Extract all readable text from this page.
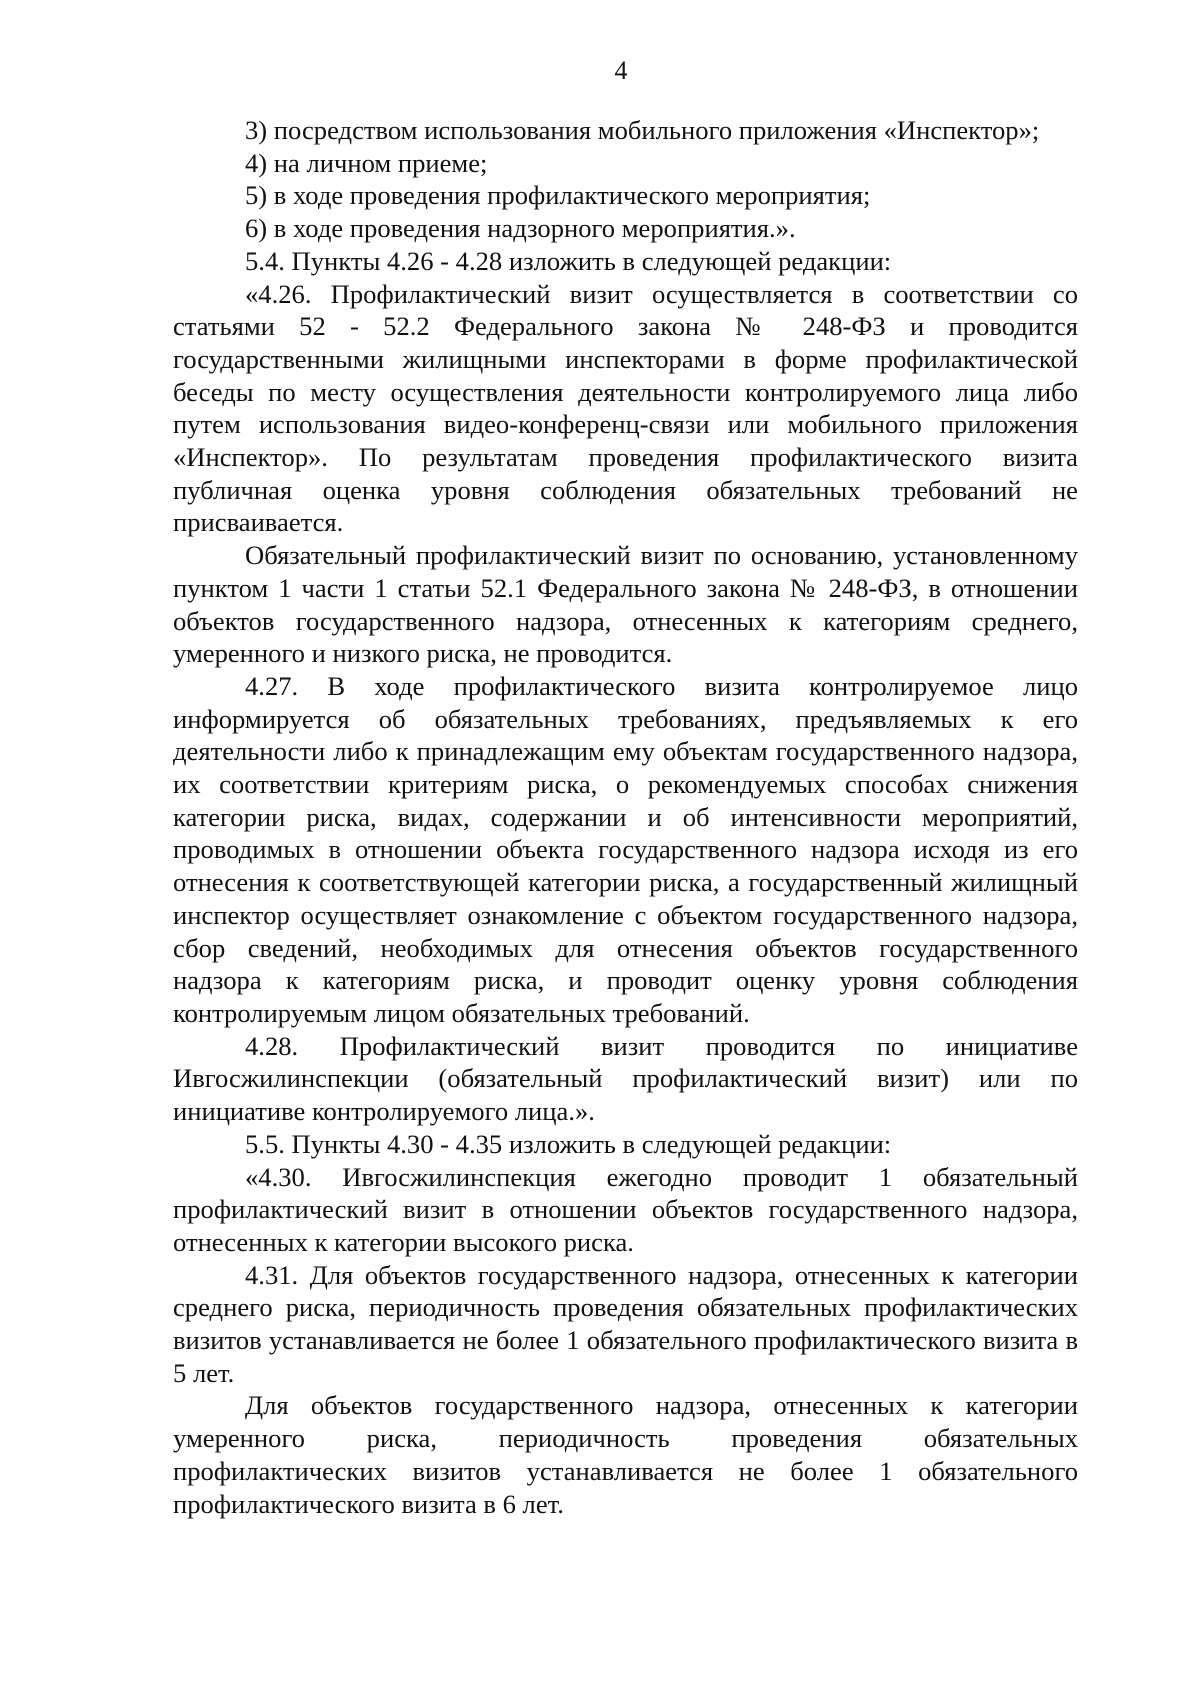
4

3) посредством использования мобильного приложения «Инспектор»;

4) на личном приеме;

5) в ходе проведения профилактического мероприятия;

6) в ходе проведения надзорного мероприятия.».

5.4. Пункты 4.26 - 4.28 изложить в следующей редакции:

«4.26. Профилактический визит осуществляется в соответствии со статьями 52 - 52.2 Федерального закона № 248-ФЗ и проводится государственными жилищными инспекторами в форме профилактической беседы по месту осуществления деятельности контролируемого лица либо путем использования видео-конференц-связи или мобильного приложения «Инспектор». По результатам проведения профилактического визита публичная оценка уровня соблюдения обязательных требований не присваивается.

Обязательный профилактический визит по основанию, установленному пунктом 1 части 1 статьи 52.1 Федерального закона № 248-ФЗ, в отношении объектов государственного надзора, отнесенных к категориям среднего, умеренного и низкого риска, не проводится.

4.27. В ходе профилактического визита контролируемое лицо информируется об обязательных требованиях, предъявляемых к его деятельности либо к принадлежащим ему объектам государственного надзора, их соответствии критериям риска, о рекомендуемых способах снижения категории риска, видах, содержании и об интенсивности мероприятий, проводимых в отношении объекта государственного надзора исходя из его отнесения к соответствующей категории риска, а государственный жилищный инспектор осуществляет ознакомление с объектом государственного надзора, сбор сведений, необходимых для отнесения объектов государственного надзора к категориям риска, и проводит оценку уровня соблюдения контролируемым лицом обязательных требований.

4.28. Профилактический визит проводится по инициативе Ивгосжилинспекции (обязательный профилактический визит) или по инициативе контролируемого лица.».

5.5. Пункты 4.30 - 4.35 изложить в следующей редакции:

«4.30. Ивгосжилинспекция ежегодно проводит 1 обязательный профилактический визит в отношении объектов государственного надзора, отнесенных к категории высокого риска.

4.31. Для объектов государственного надзора, отнесенных к категории среднего риска, периодичность проведения обязательных профилактических визитов устанавливается не более 1 обязательного профилактического визита в 5 лет.

Для объектов государственного надзора, отнесенных к категории умеренного риска, периодичность проведения обязательных профилактических визитов устанавливается не более 1 обязательного профилактического визита в 6 лет.
